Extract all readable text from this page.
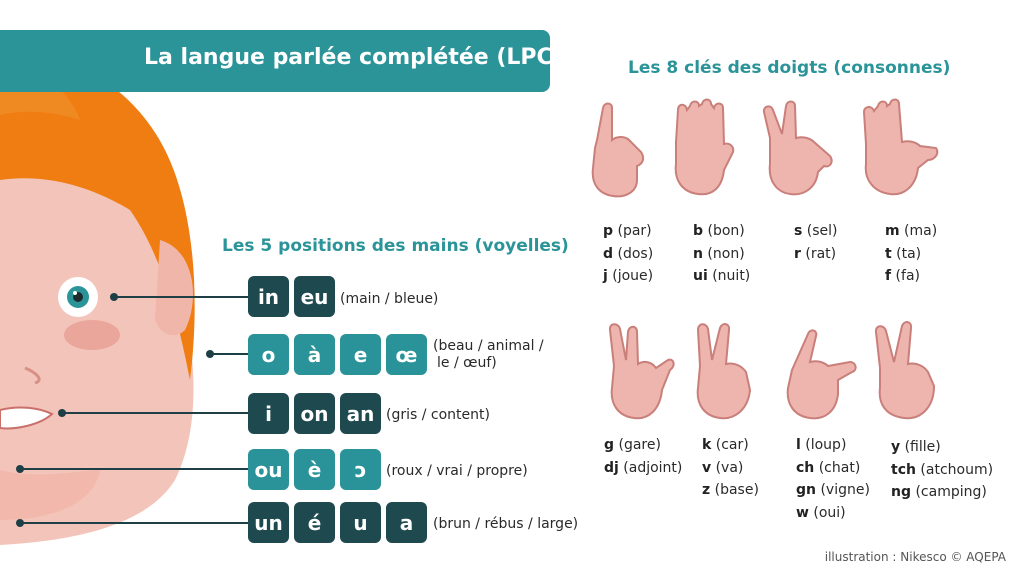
La langue parlée complétée (LPC)
Les 5 positions des mains (voyelles)
Les 8 clés des doigts (consonnes)
in	eu (main / bleue)
o	à	e	œ	(beau / animal /
le / œuf)
i	on an (gris / content)
ou	è	ɔ	(roux / vrai / propre)
un	é	u	a	(brun / rébus / large)
p (par)
d (dos)
j (joue)
b (bon)
n (non)
ui (nuit)
s (sel)
r (rat)
m (ma)
t (ta)
f (fa)
g (gare)
dj (adjoint)
k (car)
v (va)
z (base)
l (loup)
ch (chat)
gn (vigne)
w (oui)
y (fille)
tch (atchoum)
ng (camping)
illustration : Nikesco © AQEPA
